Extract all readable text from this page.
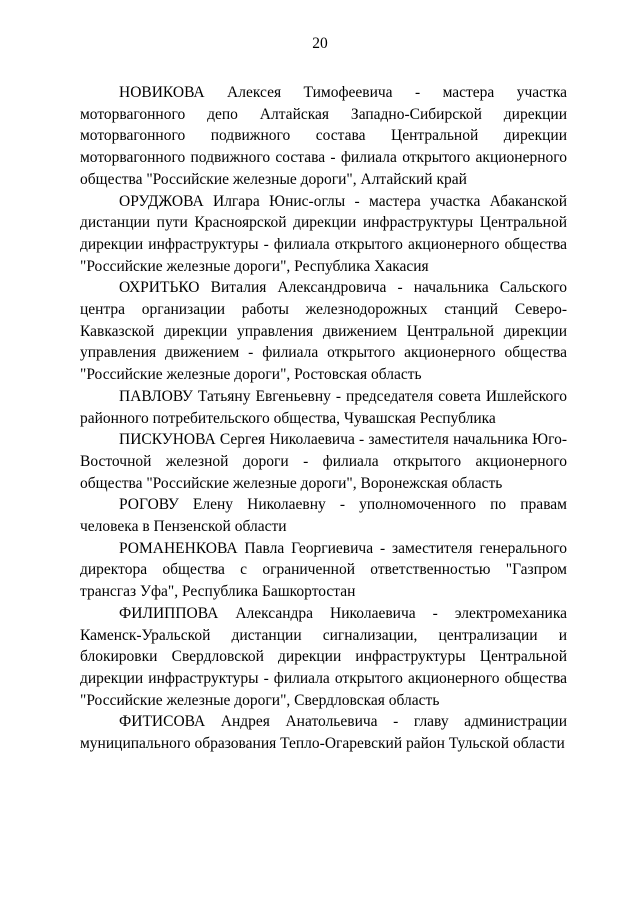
20

НОВИКОВА Алексея Тимофеевича - мастера участка моторвагонного депо Алтайская Западно-Сибирской дирекции моторвагонного подвижного состава Центральной дирекции моторвагонного подвижного состава - филиала открытого акционерного общества "Российские железные дороги", Алтайский край

ОРУДЖОВА Илгара Юнис-оглы - мастера участка Абаканской дистанции пути Красноярской дирекции инфраструктуры Центральной дирекции инфраструктуры - филиала открытого акционерного общества "Российские железные дороги", Республика Хакасия

ОХРИТЬКО Виталия Александровича - начальника Сальского центра организации работы железнодорожных станций Северо-Кавказской дирекции управления движением Центральной дирекции управления движением - филиала открытого акционерного общества "Российские железные дороги", Ростовская область

ПАВЛОВУ Татьяну Евгеньевну - председателя совета Ишлейского районного потребительского общества, Чувашская Республика

ПИСКУНОВА Сергея Николаевича - заместителя начальника Юго-Восточной железной дороги - филиала открытого акционерного общества "Российские железные дороги", Воронежская область

РОГОВУ Елену Николаевну - уполномоченного по правам человека в Пензенской области

РОМАНЕНКОВА Павла Георгиевича - заместителя генерального директора общества с ограниченной ответственностью "Газпром трансгаз Уфа", Республика Башкортостан

ФИЛИППОВА Александра Николаевича - электромеханика Каменск-Уральской дистанции сигнализации, централизации и блокировки Свердловской дирекции инфраструктуры Центральной дирекции инфраструктуры - филиала открытого акционерного общества "Российские железные дороги", Свердловская область

ФИТИСОВА Андрея Анатольевича - главу администрации муниципального образования Тепло-Огаревский район Тульской области
